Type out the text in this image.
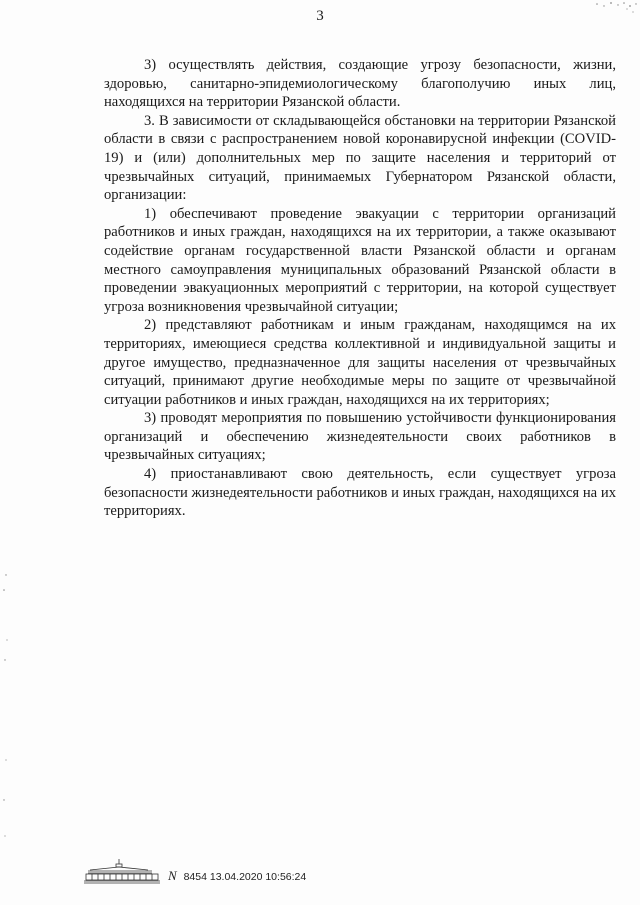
3

3) осуществлять действия, создающие угрозу безопасности, жизни, здоровью, санитарно-эпидемиологическому благополучию иных лиц, находящихся на территории Рязанской области.

3. В зависимости от складывающейся обстановки на территории Рязанской области в связи с распространением новой коронавирусной инфекции (COVID-19) и (или) дополнительных мер по защите населения и территорий от чрезвычайных ситуаций, принимаемых Губернатором Рязанской области, организации:

1) обеспечивают проведение эвакуации с территории организаций работников и иных граждан, находящихся на их территории, а также оказывают содействие органам государственной власти Рязанской области и органам местного самоуправления муниципальных образований Рязанской области в проведении эвакуационных мероприятий с территории, на которой существует угроза возникновения чрезвычайной ситуации;

2) представляют работникам и иным гражданам, находящимся на их территориях, имеющиеся средства коллективной и индивидуальной защиты и другое имущество, предназначенное для защиты населения от чрезвычайных ситуаций, принимают другие необходимые меры по защите от чрезвычайной ситуации работников и иных граждан, находящихся на их территориях;

3) проводят мероприятия по повышению устойчивости функционирования организаций и обеспечению жизнедеятельности своих работников в чрезвычайных ситуациях;

4) приостанавливают свою деятельность, если существует угроза безопасности жизнедеятельности работников и иных граждан, находящихся на их территориях.

N 8454 13.04.2020 10:56:24
